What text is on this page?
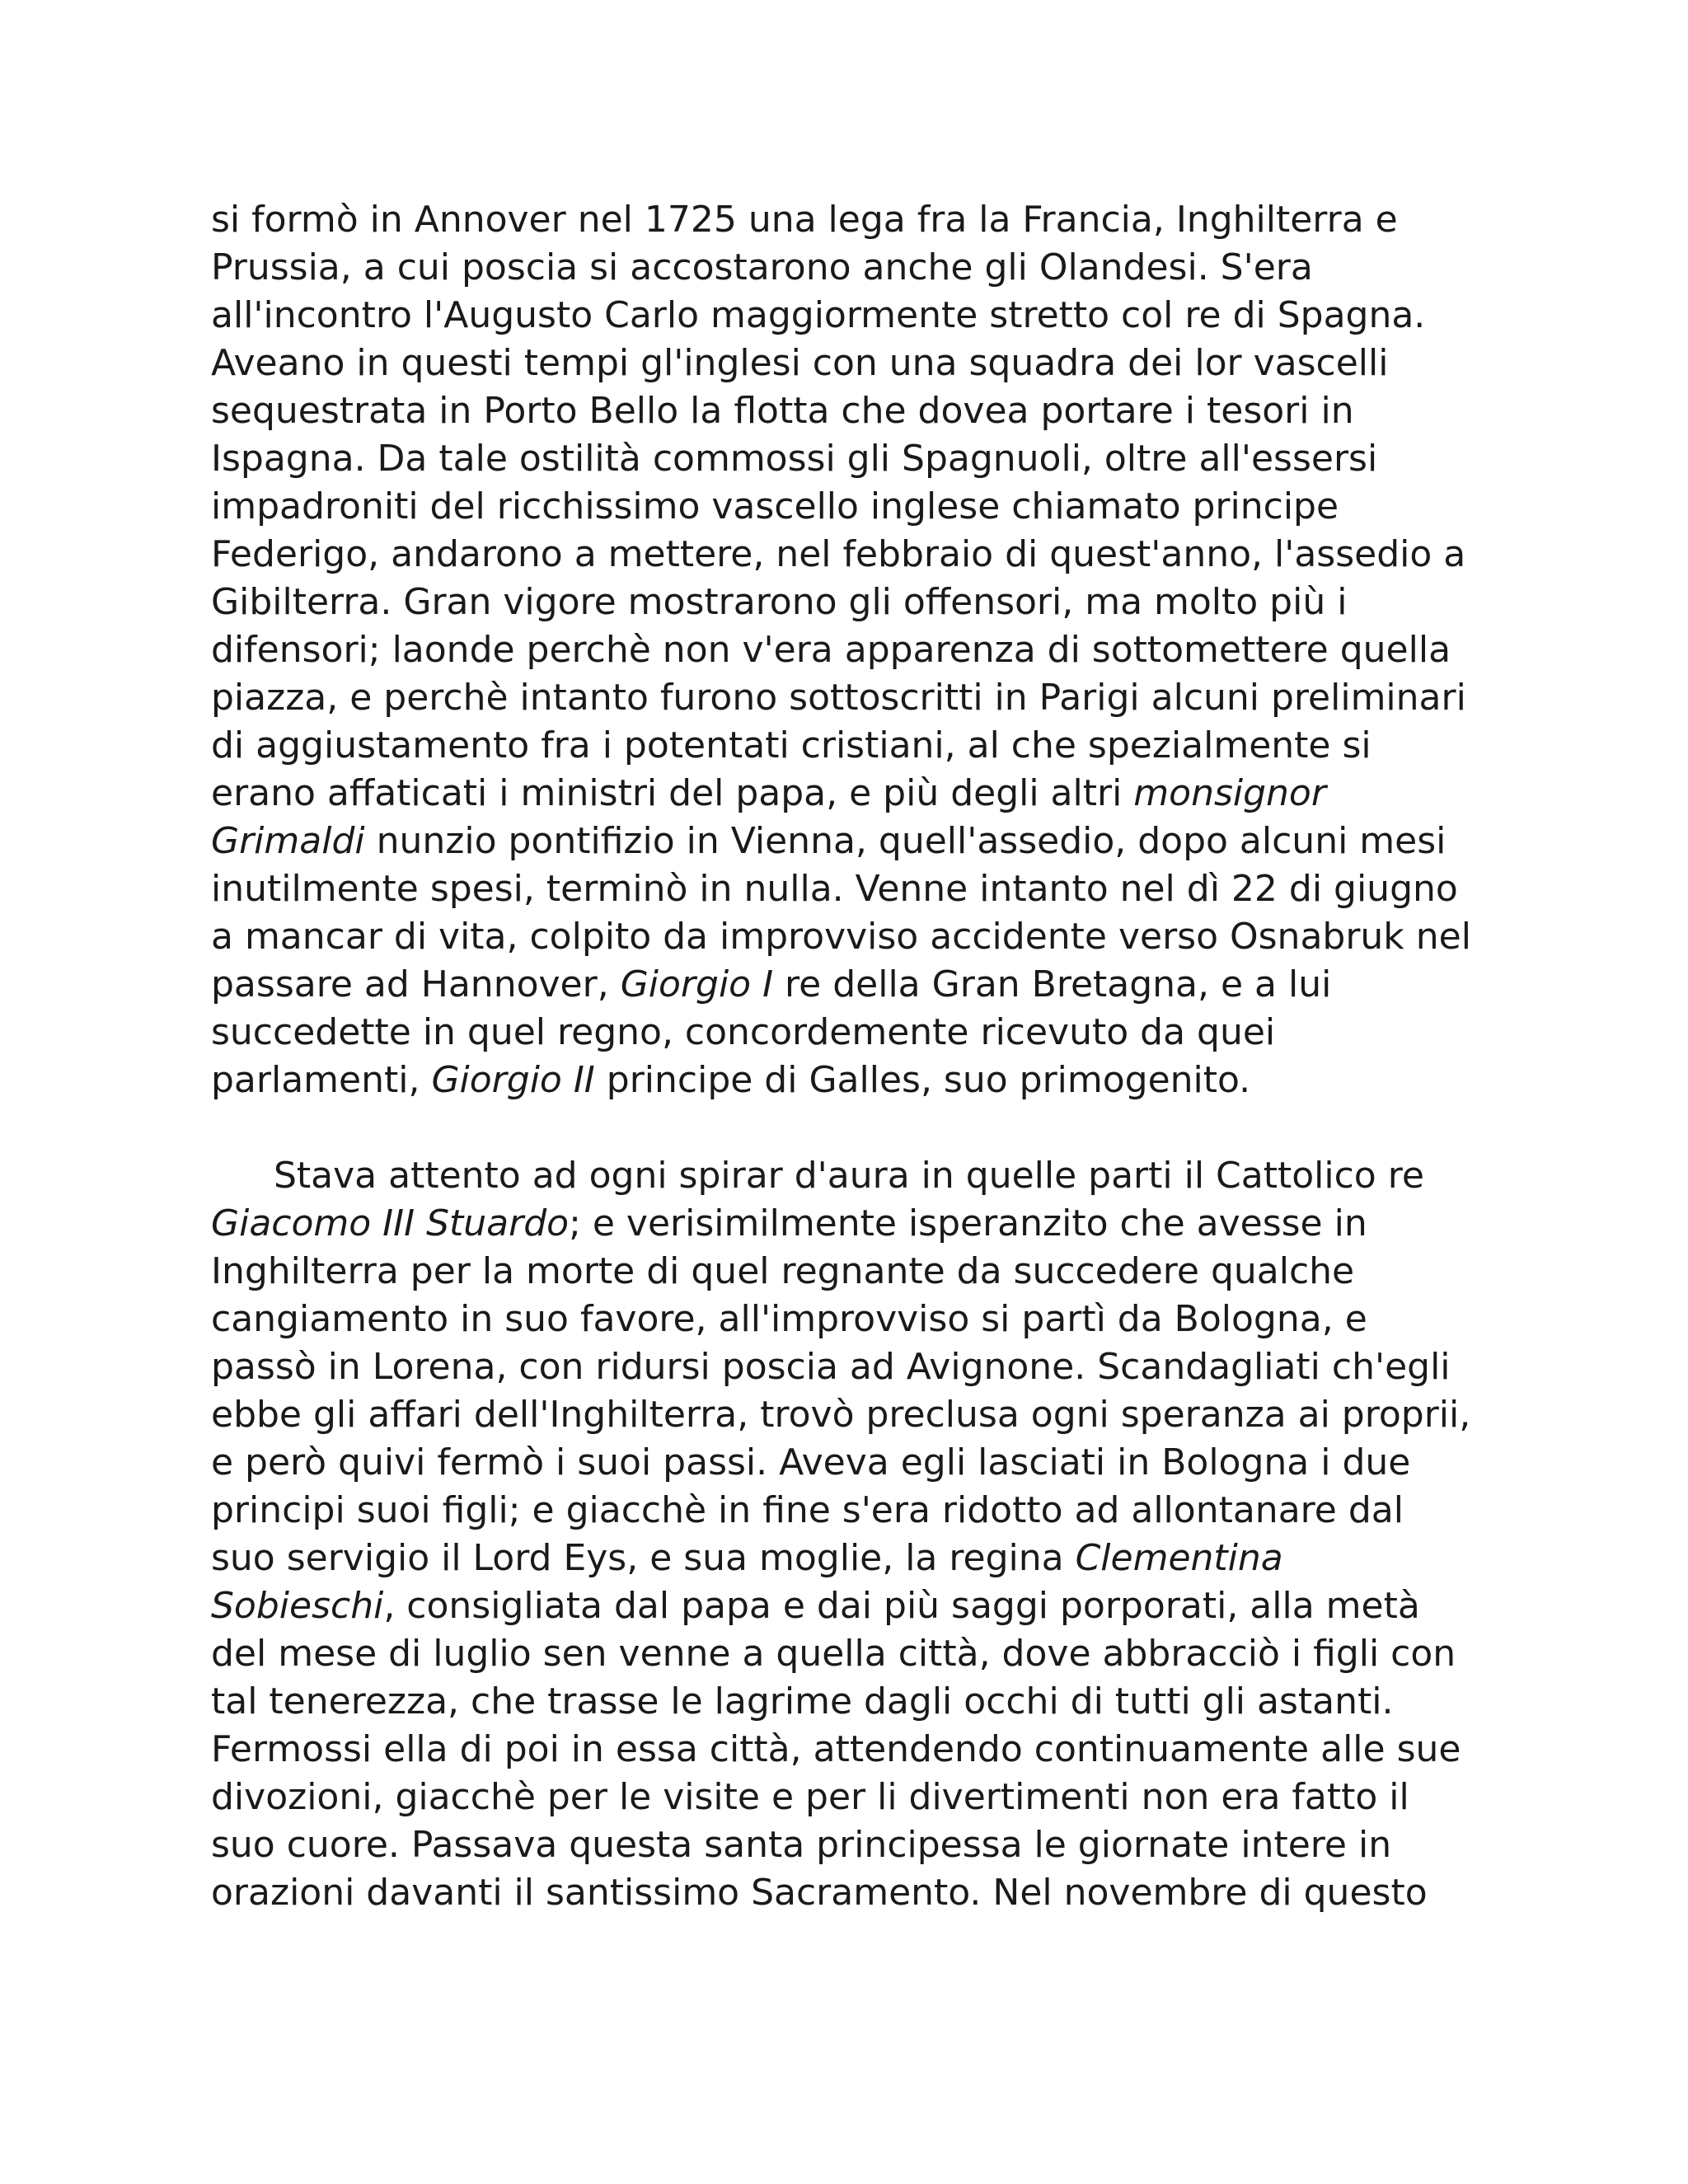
si formò in Annover nel 1725 una lega fra la Francia, Inghilterra e
Prussia, a cui poscia si accostarono anche gli Olandesi. S'era
all'incontro l'Augusto Carlo maggiormente stretto col re di Spagna.
Aveano in questi tempi gl'inglesi con una squadra dei lor vascelli
sequestrata in Porto Bello la flotta che dovea portare i tesori in
Ispagna. Da tale ostilità commossi gli Spagnuoli, oltre all'essersi
impadroniti del ricchissimo vascello inglese chiamato principe
Federigo, andarono a mettere, nel febbraio di quest'anno, l'assedio a
Gibilterra. Gran vigore mostrarono gli offensori, ma molto più i
difensori; laonde perchè non v'era apparenza di sottomettere quella
piazza, e perchè intanto furono sottoscritti in Parigi alcuni preliminari
di aggiustamento fra i potentati cristiani, al che spezialmente si
erano affaticati i ministri del papa, e più degli altri monsignor
Grimaldi nunzio pontifizio in Vienna, quell'assedio, dopo alcuni mesi
inutilmente spesi, terminò in nulla. Venne intanto nel dì 22 di giugno
a mancar di vita, colpito da improvviso accidente verso Osnabruk nel
passare ad Hannover, Giorgio I re della Gran Bretagna, e a lui
succedette in quel regno, concordemente ricevuto da quei
parlamenti, Giorgio II principe di Galles, suo primogenito.

Stava attento ad ogni spirar d'aura in quelle parti il Cattolico re
Giacomo III Stuardo; e verisimilmente isperanzito che avesse in
Inghilterra per la morte di quel regnante da succedere qualche
cangiamento in suo favore, all'improvviso si partì da Bologna, e
passò in Lorena, con ridursi poscia ad Avignone. Scandagliati ch'egli
ebbe gli affari dell'Inghilterra, trovò preclusa ogni speranza ai proprii,
e però quivi fermò i suoi passi. Aveva egli lasciati in Bologna i due
principi suoi figli; e giacchè in fine s'era ridotto ad allontanare dal
suo servigio il Lord Eys, e sua moglie, la regina Clementina
Sobieschi, consigliata dal papa e dai più saggi porporati, alla metà
del mese di luglio sen venne a quella città, dove abbracciò i figli con
tal tenerezza, che trasse le lagrime dagli occhi di tutti gli astanti.
Fermossi ella di poi in essa città, attendendo continuamente alle sue
divozioni, giacchè per le visite e per li divertimenti non era fatto il
suo cuore. Passava questa santa principessa le giornate intere in
orazioni davanti il santissimo Sacramento. Nel novembre di questo
